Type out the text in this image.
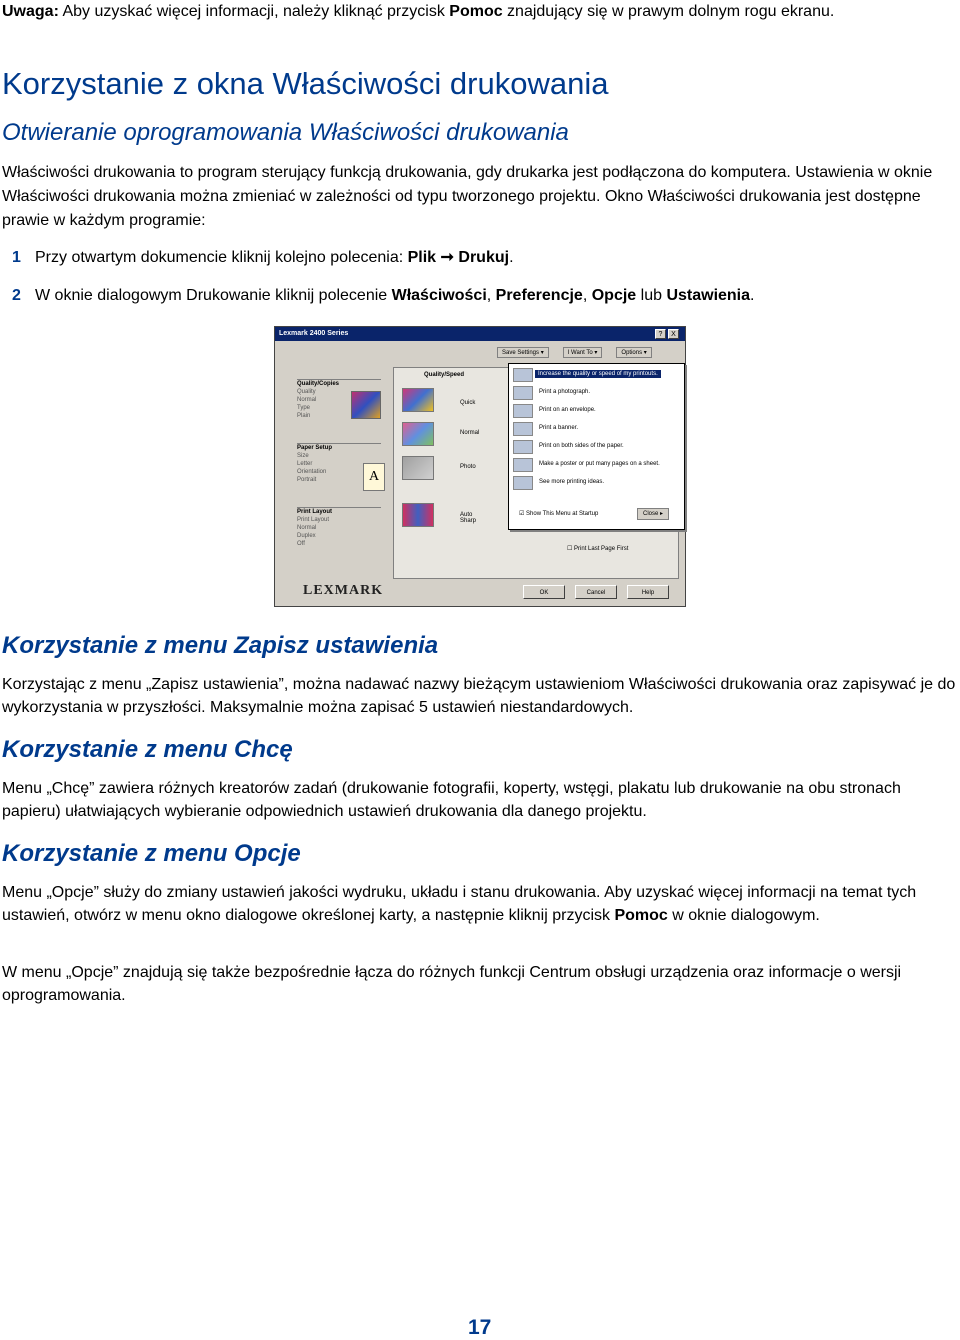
Uwaga: Aby uzyskać więcej informacji, należy kliknąć przycisk Pomoc znajdujący się w prawym dolnym rogu ekranu.

Korzystanie z okna Właściwości drukowania
Otwieranie oprogramowania Właściwości drukowania

Właściwości drukowania to program sterujący funkcją drukowania, gdy drukarka jest podłączona do komputera. Ustawienia w oknie Właściwości drukowania można zmieniać w zależności od typu tworzonego projektu. Okno Właściwości drukowania jest dostępne prawie w każdym programie:

1 Przy otwartym dokumencie kliknij kolejno polecenia: Plik ➞ Drukuj.
2 W oknie dialogowym Drukowanie kliknij polecenie Właściwości, Preferencje, Opcje lub Ustawienia.
Lexmark 2400 Series	?	X
Save Settings ▾	I Want To ▾	Options ▾
Quality/Copies
Quality
Normal
Type
Plain
Paper Setup
Size
Letter
Orientation
Portrait
Print Layout
Print Layout
Normal
Duplex
Off
A
Quality/Speed
Quick
Normal
Photo
Auto Sharp
Increase the quality or speed of my printouts.
Print a photograph.
Print on an envelope.
Print a banner.
Print on both sides of the paper.
Make a poster or put many pages on a sheet.
See more printing ideas.
☑ Show This Menu at Startup	Close ▸
☐ Print Last Page First
LEXMARK	OK	Cancel	Help
Korzystanie z menu Zapisz ustawienia

Korzystając z menu „Zapisz ustawienia”, można nadawać nazwy bieżącym ustawieniom Właściwości drukowania oraz zapisywać je do wykorzystania w przyszłości. Maksymalnie można zapisać 5 ustawień niestandardowych.

Korzystanie z menu Chcę

Menu „Chcę” zawiera różnych kreatorów zadań (drukowanie fotografii, koperty, wstęgi, plakatu lub drukowanie na obu stronach papieru) ułatwiających wybieranie odpowiednich ustawień drukowania dla danego projektu.

Korzystanie z menu Opcje

Menu „Opcje” służy do zmiany ustawień jakości wydruku, układu i stanu drukowania. Aby uzyskać więcej informacji na temat tych ustawień, otwórz w menu okno dialogowe określonej karty, a następnie kliknij przycisk Pomoc w oknie dialogowym.

W menu „Opcje” znajdują się także bezpośrednie łącza do różnych funkcji Centrum obsługi urządzenia oraz informacje o wersji oprogramowania.

17
